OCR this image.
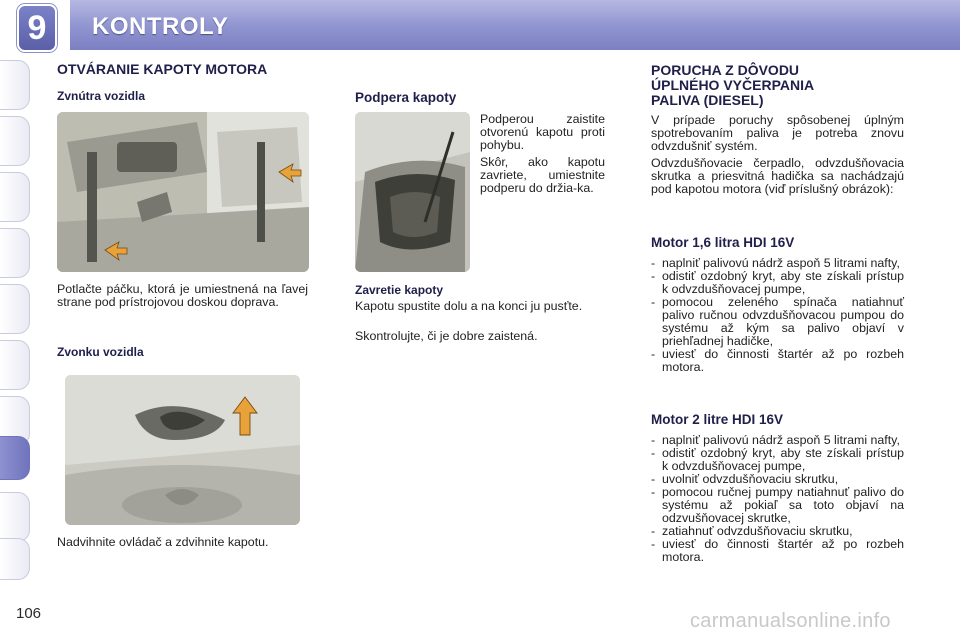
9 KONTROLY
OTVÁRANIE KAPOTY MOTORA
Zvnútra vozidla

Potlačte páčku, ktorá je umiestnená na ľavej strane pod prístrojovou doskou doprava.

Zvonku vozidla

Nadvihnite ovládač a zdvihnite kapotu.

Podpera kapoty

Podperou zaistite otvorenú kapotu proti pohybu.

Skôr, ako kapotu zavriete, umiestnite podperu do držia-ka.

Zavretie kapoty

Kapotu spustite dolu a na konci ju pusťte.

Skontrolujte, či je dobre zaistená.

PORUCHA Z DÔVODU
ÚPLNÉHO VYČERPANIA
PALIVA (DIESEL)

V prípade poruchy spôsobenej úplným spotrebovaním paliva je potreba znovu odvzdušniť systém.

Odvzdušňovacie čerpadlo, odvzdušňovacia skrutka a priesvitná hadička sa nachádzajú pod kapotou motora (viď príslušný obrázok):

Motor 1,6 litra HDI 16V
- naplniť palivovú nádrž aspoň 5 litrami nafty,
- odistiť ozdobný kryt, aby ste získali prístup k odvzdušňovacej pumpe,
- pomocou zeleného spínača natiahnuť palivo ručnou odvzdušňovacou pumpou do systému až kým sa palivo objaví v priehľadnej hadičke,
- uviesť do činnosti štartér až po rozbeh motora.
Motor 2 litre HDI 16V
- naplniť palivovú nádrž aspoň 5 litrami nafty,
- odistiť ozdobný kryt, aby ste získali prístup k odvzdušňovacej pumpe,
- uvolniť odvzdušňovaciu skrutku,
- pomocou ručnej pumpy natiahnuť palivo do systému až pokiaľ sa toto objaví na odzvušňovacej skrutke,
- zatiahnuť odvzdušňovaciu skrutku,
- uviesť do činnosti štartér až po rozbeh motora.
106	carmanualsonline.info
